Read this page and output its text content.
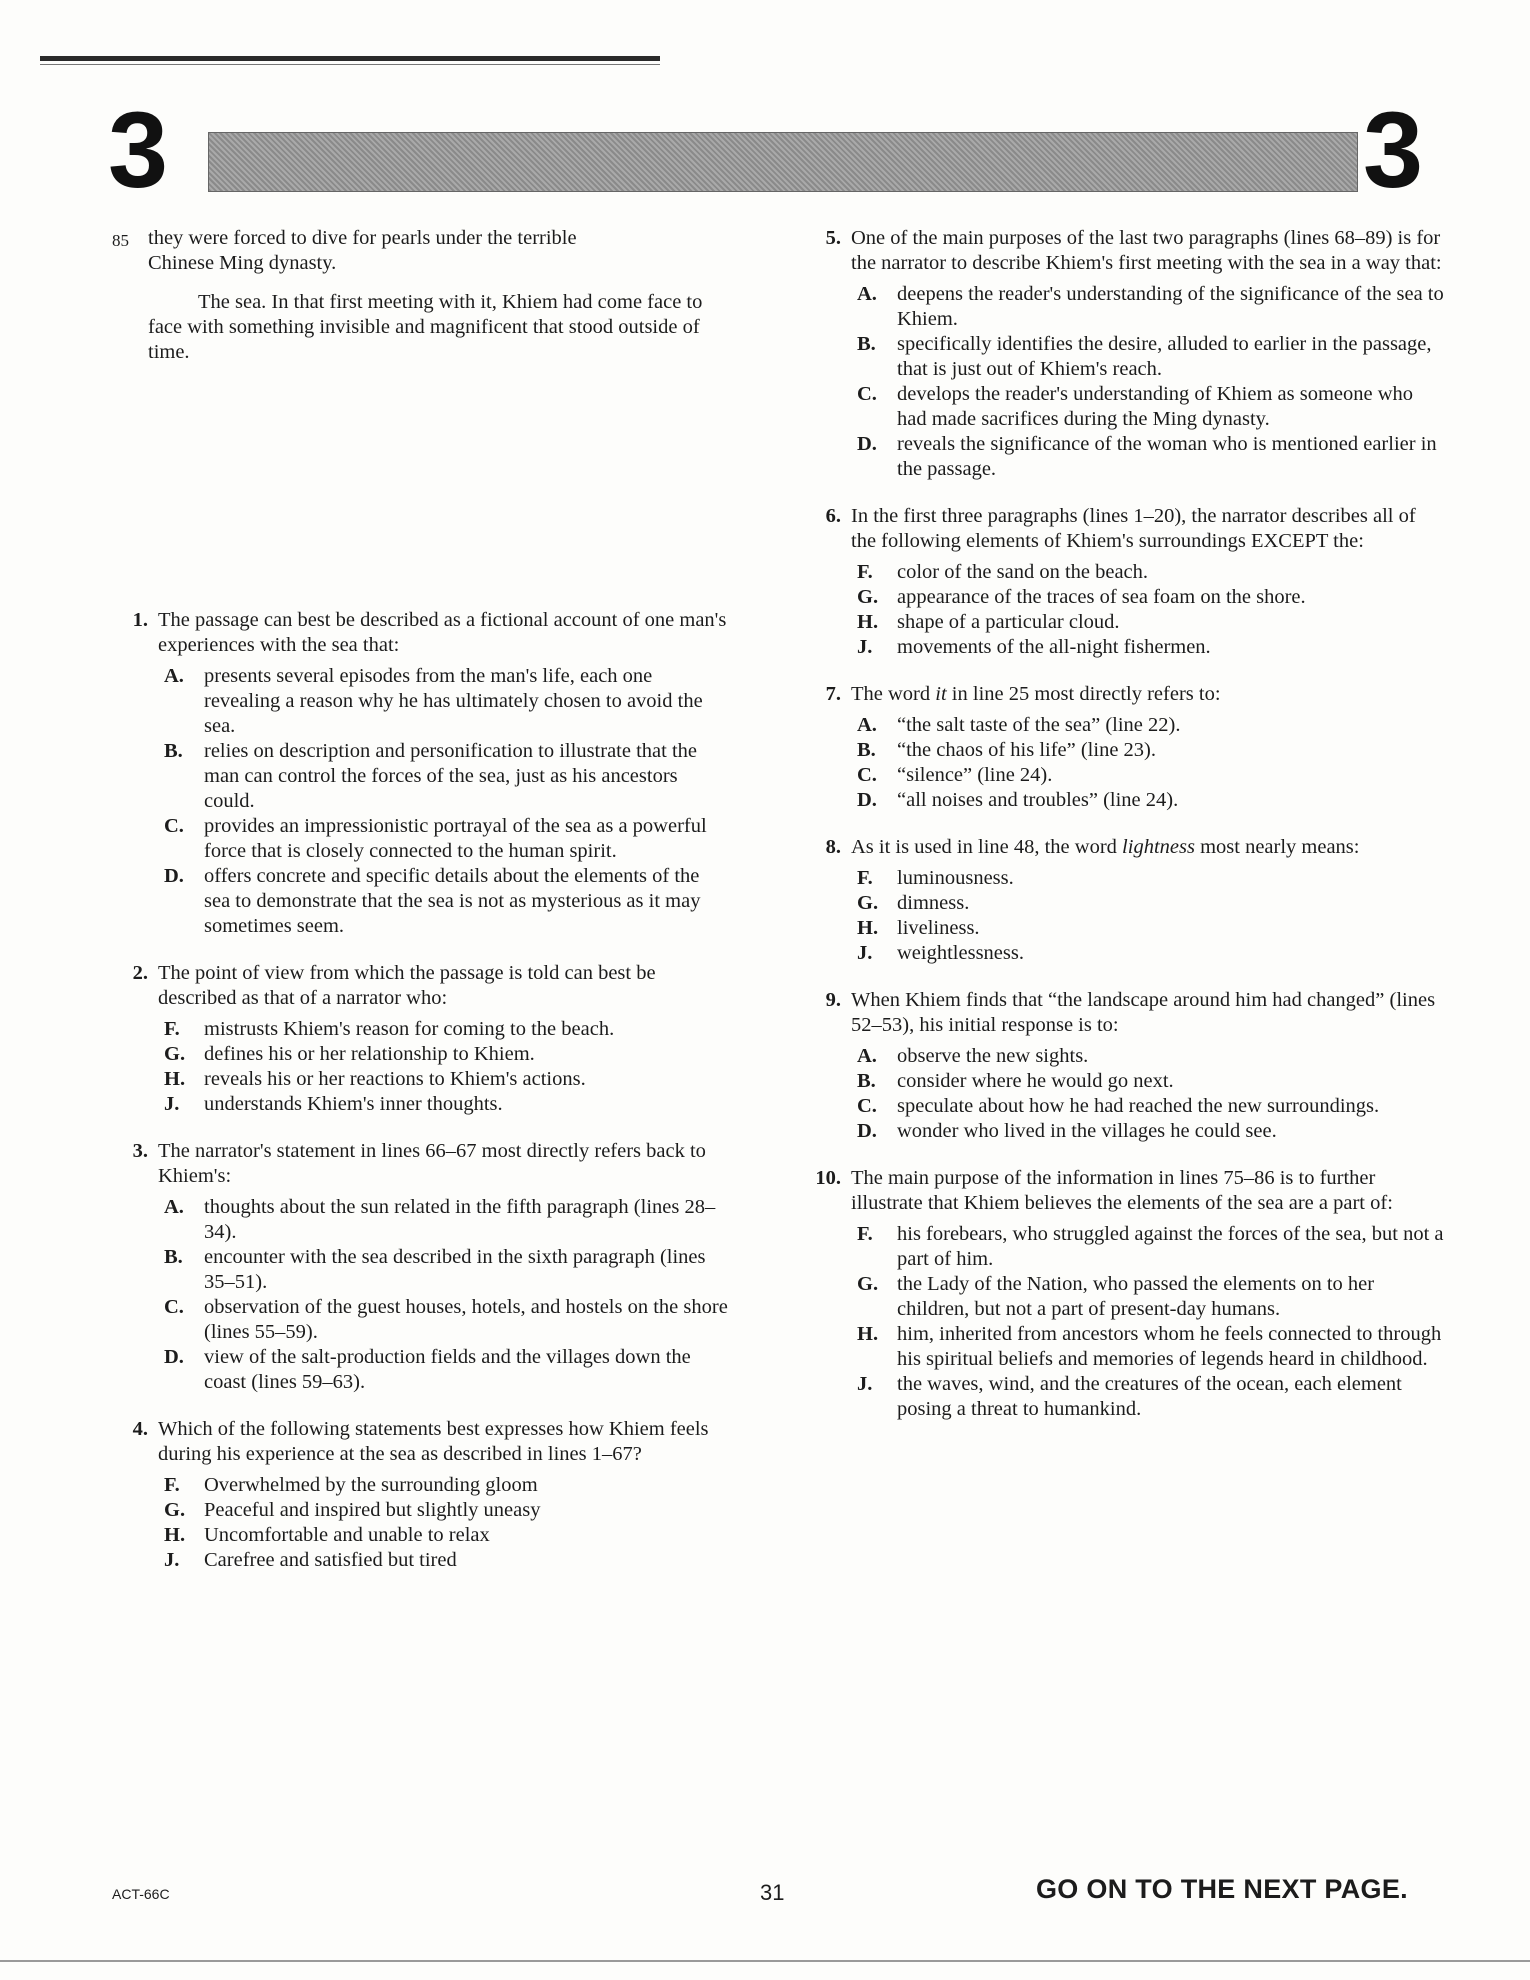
3	3
85 they were forced to dive for pearls under the terrible
Chinese Ming dynasty.
The sea. In that first meeting with it, Khiem had come face to face with something invisible and magnificent that stood outside of time.
1. The passage can best be described as a fictional account of one man's experiences with the sea that:

A. presents several episodes from the man's life, each one revealing a reason why he has ultimately chosen to avoid the sea.
B. relies on description and personification to illustrate that the man can control the forces of the sea, just as his ancestors could.
C. provides an impressionistic portrayal of the sea as a powerful force that is closely connected to the human spirit.
D. offers concrete and specific details about the elements of the sea to demonstrate that the sea is not as mysterious as it may sometimes seem.
2. The point of view from which the passage is told can best be described as that of a narrator who:

F. mistrusts Khiem's reason for coming to the beach.
G. defines his or her relationship to Khiem.
H. reveals his or her reactions to Khiem's actions.
J. understands Khiem's inner thoughts.
3. The narrator's statement in lines 66–67 most directly refers back to Khiem's:

A. thoughts about the sun related in the fifth paragraph (lines 28–34).
B. encounter with the sea described in the sixth paragraph (lines 35–51).
C. observation of the guest houses, hotels, and hostels on the shore (lines 55–59).
D. view of the salt-production fields and the villages down the coast (lines 59–63).
4. Which of the following statements best expresses how Khiem feels during his experience at the sea as described in lines 1–67?

F. Overwhelmed by the surrounding gloom
G. Peaceful and inspired but slightly uneasy
H. Uncomfortable and unable to relax
J. Carefree and satisfied but tired
5. One of the main purposes of the last two paragraphs (lines 68–89) is for the narrator to describe Khiem's first meeting with the sea in a way that:

A. deepens the reader's understanding of the significance of the sea to Khiem.
B. specifically identifies the desire, alluded to earlier in the passage, that is just out of Khiem's reach.
C. develops the reader's understanding of Khiem as someone who had made sacrifices during the Ming dynasty.
D. reveals the significance of the woman who is mentioned earlier in the passage.
6. In the first three paragraphs (lines 1–20), the narrator describes all of the following elements of Khiem's surroundings EXCEPT the:

F. color of the sand on the beach.
G. appearance of the traces of sea foam on the shore.
H. shape of a particular cloud.
J. movements of the all-night fishermen.
7. The word it in line 25 most directly refers to:

A. “the salt taste of the sea” (line 22).
B. “the chaos of his life” (line 23).
C. “silence” (line 24).
D. “all noises and troubles” (line 24).
8. As it is used in line 48, the word lightness most nearly means:

F. luminousness.
G. dimness.
H. liveliness.
J. weightlessness.
9. When Khiem finds that “the landscape around him had changed” (lines 52–53), his initial response is to:

A. observe the new sights.
B. consider where he would go next.
C. speculate about how he had reached the new surroundings.
D. wonder who lived in the villages he could see.
10. The main purpose of the information in lines 75–86 is to further illustrate that Khiem believes the elements of the sea are a part of:

F. his forebears, who struggled against the forces of the sea, but not a part of him.
G. the Lady of the Nation, who passed the elements on to her children, but not a part of present-day humans.
H. him, inherited from ancestors whom he feels connected to through his spiritual beliefs and memories of legends heard in childhood.
J. the waves, wind, and the creatures of the ocean, each element posing a threat to humankind.
ACT-66C	31	GO ON TO THE NEXT PAGE.
